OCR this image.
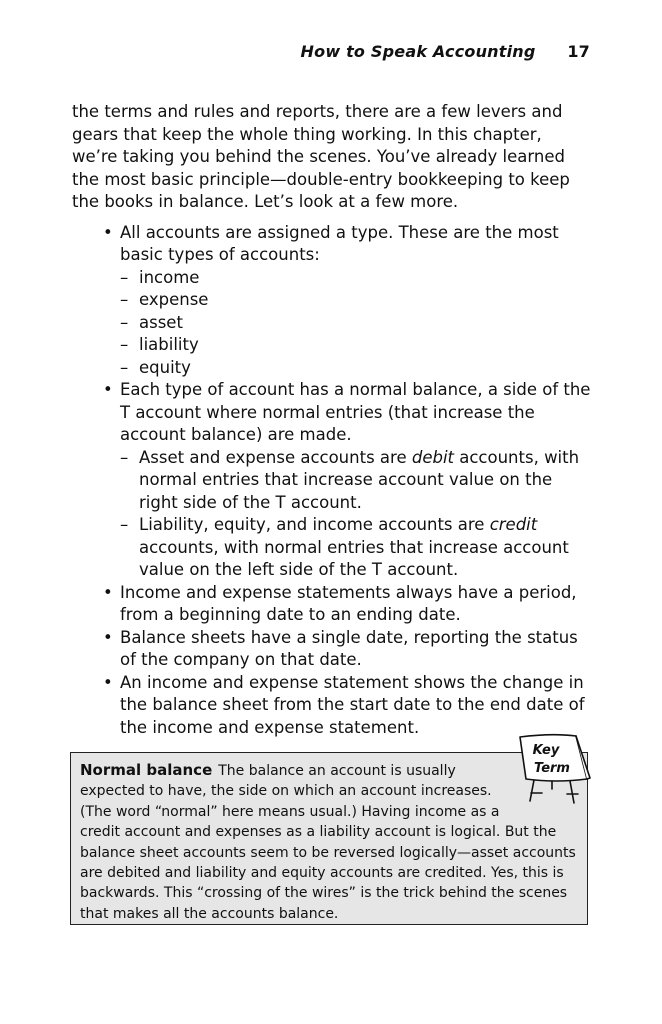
How to Speak Accounting 17

the terms and rules and reports, there are a few levers and gears that keep the whole thing working. In this chapter, we’re taking you behind the scenes. You’ve already learned the most basic principle—double-entry bookkeeping to keep the books in balance. Let’s look at a few more.

• All accounts are assigned a type. These are the most basic types of accounts:
– income
– expense
– asset
– liability
– equity
• Each type of account has a normal balance, a side of the T account where normal entries (that increase the account balance) are made.
– Asset and expense accounts are debit accounts, with normal entries that increase account value on the right side of the T account.
– Liability, equity, and income accounts are credit accounts, with normal entries that increase account value on the left side of the T account.
• Income and expense statements always have a period, from a beginning date to an ending date.
• Balance sheets have a single date, reporting the status of the company on that date.
• An income and expense statement shows the change in the balance sheet from the start date to the end date of the income and expense statement.

Normal balance The balance an account is usually expected to have, the side on which an account increases. (The word “normal” here means usual.) Having income as a credit account and expenses as a liability account is logical. But the balance sheet accounts seem to be reversed logically—asset accounts are debited and liability and equity accounts are credited. Yes, this is backwards. This “crossing of the wires” is the trick behind the scenes that makes all the accounts balance.

Key
Term
